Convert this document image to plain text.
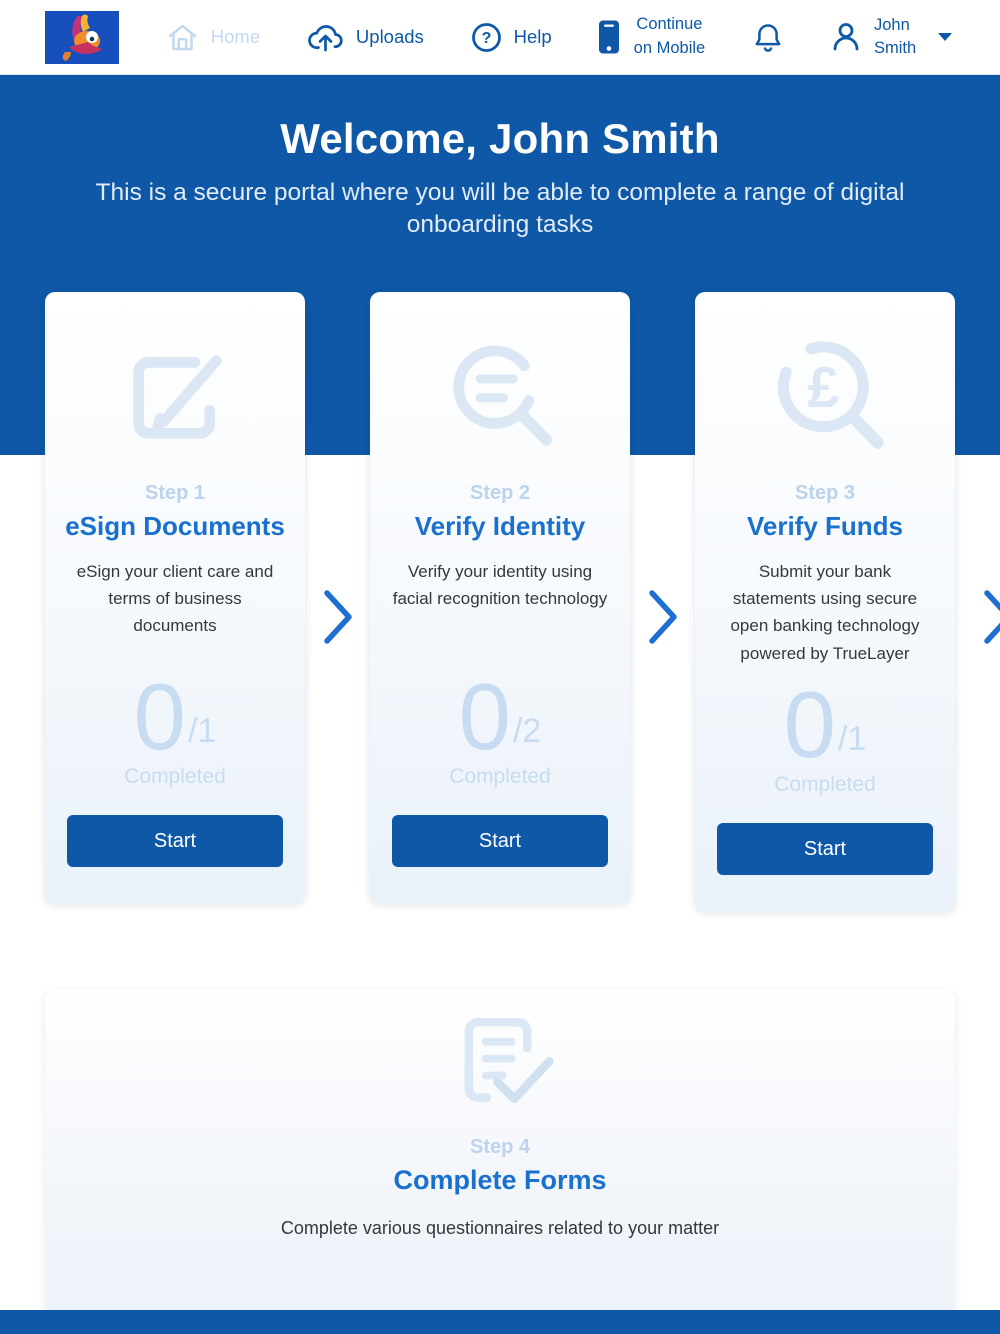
Home	Uploads	? Help
Continue on Mobile
John Smith
Welcome, John Smith
This is a secure portal where you will be able to complete a range of digital onboarding tasks
Step 1
eSign Documents
eSign your client care and terms of business documents
0 /1
Completed
Start
Step 2
Verify Identity
Verify your identity using facial recognition technology
0 /2
Completed
Start
£
Step 3
Verify Funds
Submit your bank statements using secure open banking technology powered by TrueLayer
0 /1
Completed
Start
Step 4
Complete Forms
Complete various questionnaires related to your matter
